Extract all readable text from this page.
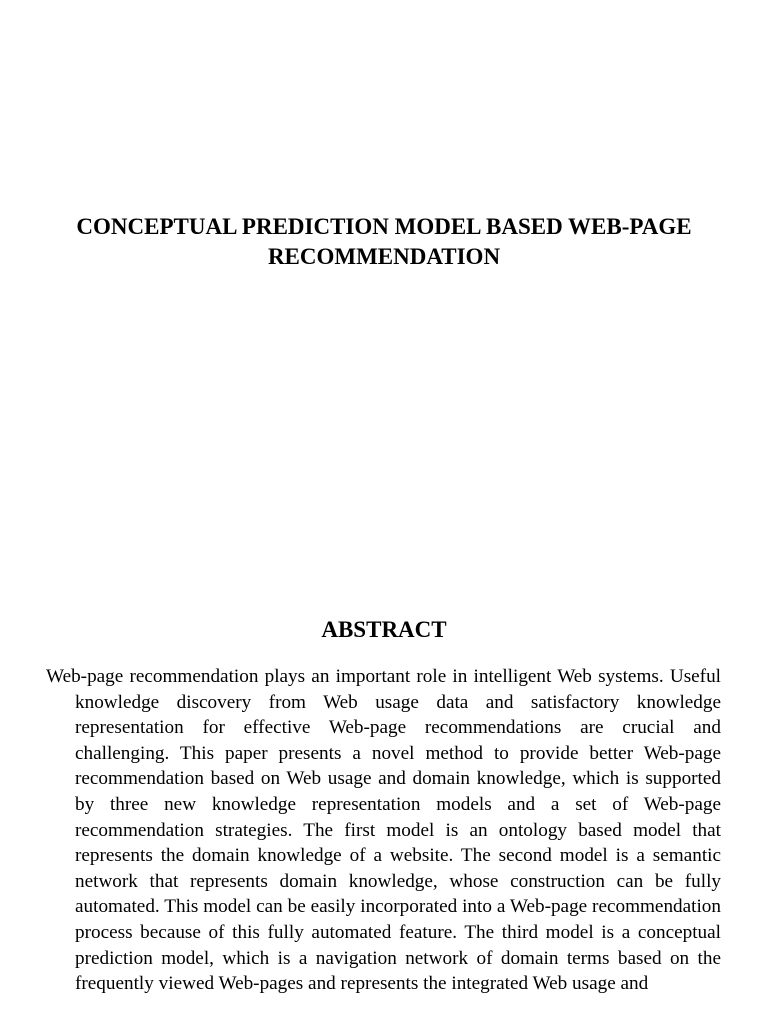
CONCEPTUAL PREDICTION MODEL BASED WEB-PAGE RECOMMENDATION
ABSTRACT

Web-page recommendation plays an important role in intelligent Web systems. Useful knowledge discovery from Web usage data and satisfactory knowledge representation for effective Web-page recommendations are crucial and challenging. This paper presents a novel method to provide better Web-page recommendation based on Web usage and domain knowledge, which is supported by three new knowledge representation models and a set of Web-page recommendation strategies. The first model is an ontology based model that represents the domain knowledge of a website. The second model is a semantic network that represents domain knowledge, whose construction can be fully automated. This model can be easily incorporated into a Web-page recommendation process because of this fully automated feature. The third model is a conceptual prediction model, which is a navigation network of domain terms based on the frequently viewed Web-pages and represents the integrated Web usage and
